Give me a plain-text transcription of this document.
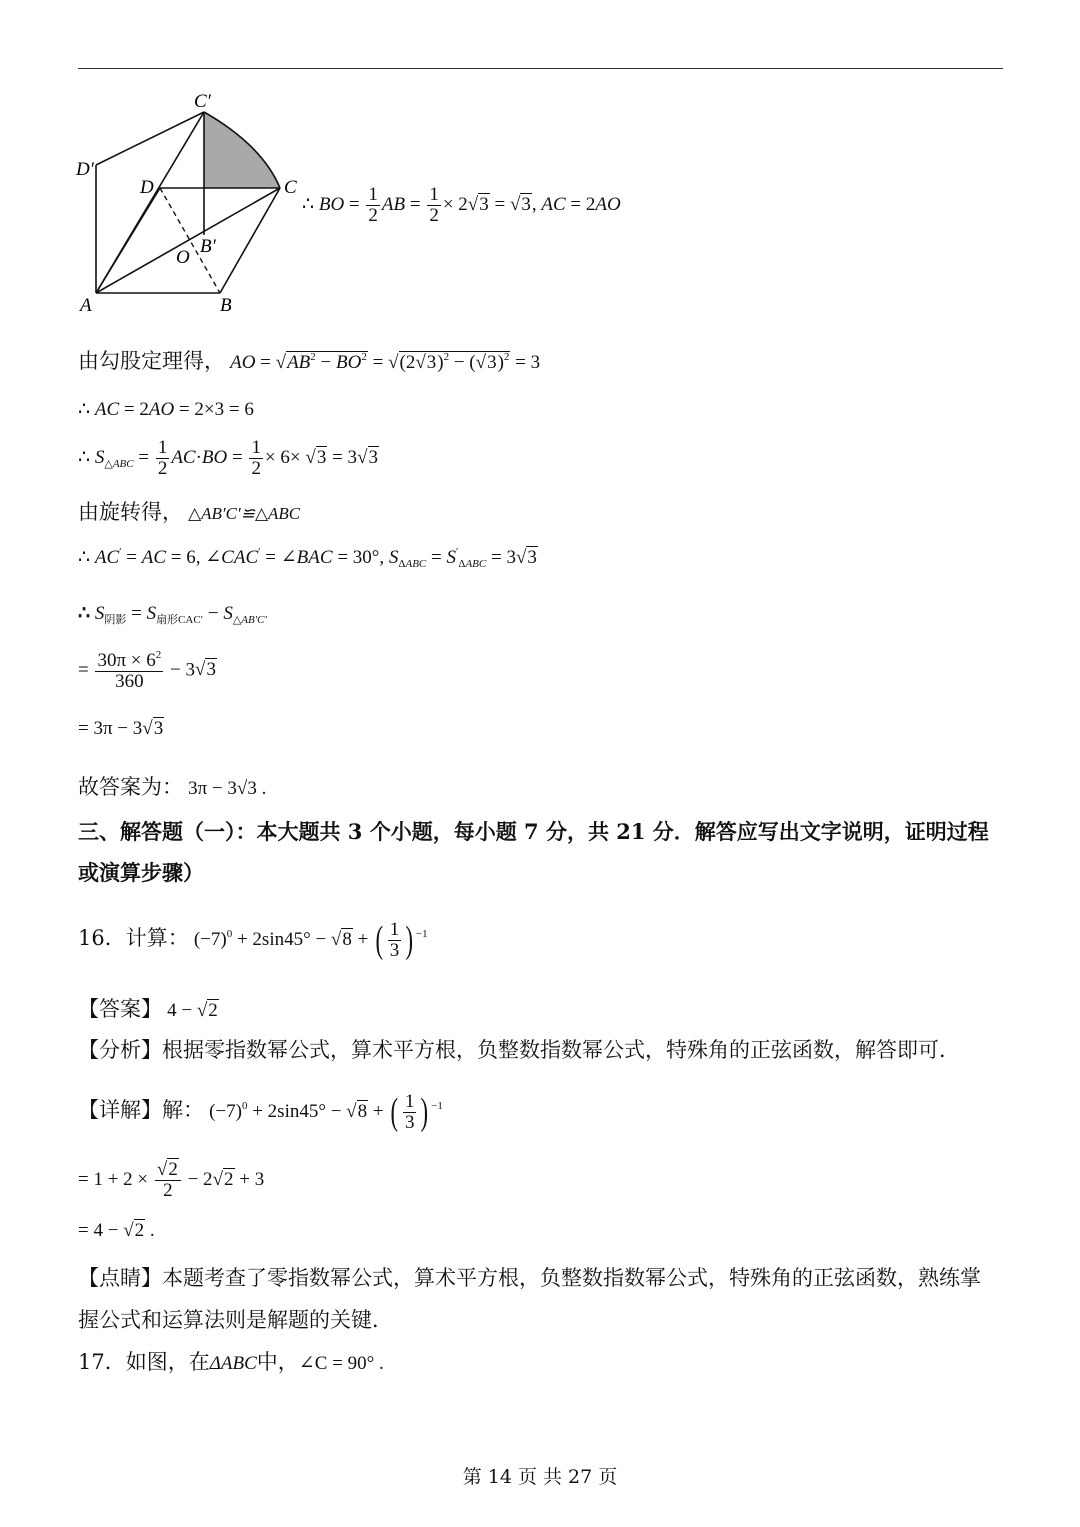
C′
D′
D	C
B′
O
A	B
∴ BO = $\frac{1}{2}$ AB = $\frac{1}{2} \times 2√3 = √3$, AC = 2AO
由勾股定理得， AO = $√AB^2 - BO^2 = √(2√3)^2 - (√3)^2 = 3$
∴ AC = 2AO = 2×3 = 6
∴ $S_{\triangle ABC} = \frac{1}{2} AC\cdot BO = \frac{1}{2} \times 6\times √3 = 3√3$
由旋转得， △AB′C′≌△ABC
∴ AC′ = AC = 6, ∠CAC′ = ∠BAC = 30°, $S_{\Delta ABC} = S'_{\Delta ABC} = 3√3$
∴ $S_{阴影} = S_{扇形CAC'} - S_{\triangle AB'C'}$
= $\frac{30\pi \times 6^2}{360} - 3√3$
= 3π − 3√3
故答案为： 3π − 3√3 .
三、解答题（一）：本大题共 3 个小题，每小题 7 分，共 21 分．解答应写出文字说明，证明过程
或演算步骤）
16．计算： $(-7)^0 + 2\sin 45^\circ - √8$ + ( $\frac{1}{3}$ ) $^{-1}$
【答案】 4 − √2
【分析】根据零指数幂公式，算术平方根，负整数指数幂公式，特殊角的正弦函数，解答即可．
【详解】解： $(-7)^0 + 2\sin 45^\circ - √8$ + ( $\frac{1}{3}$ ) $^{-1}$
= $1 + 2 \times \frac{√2}{2} - 2√2 + 3$
= 4 − √2 .
【点睛】本题考查了零指数幂公式，算术平方根，负整数指数幂公式，特殊角的正弦函数，熟练掌
握公式和运算法则是解题的关键．
17．如图，在ΔABC中，∠C = 90° .
第 14 页 共 27 页
